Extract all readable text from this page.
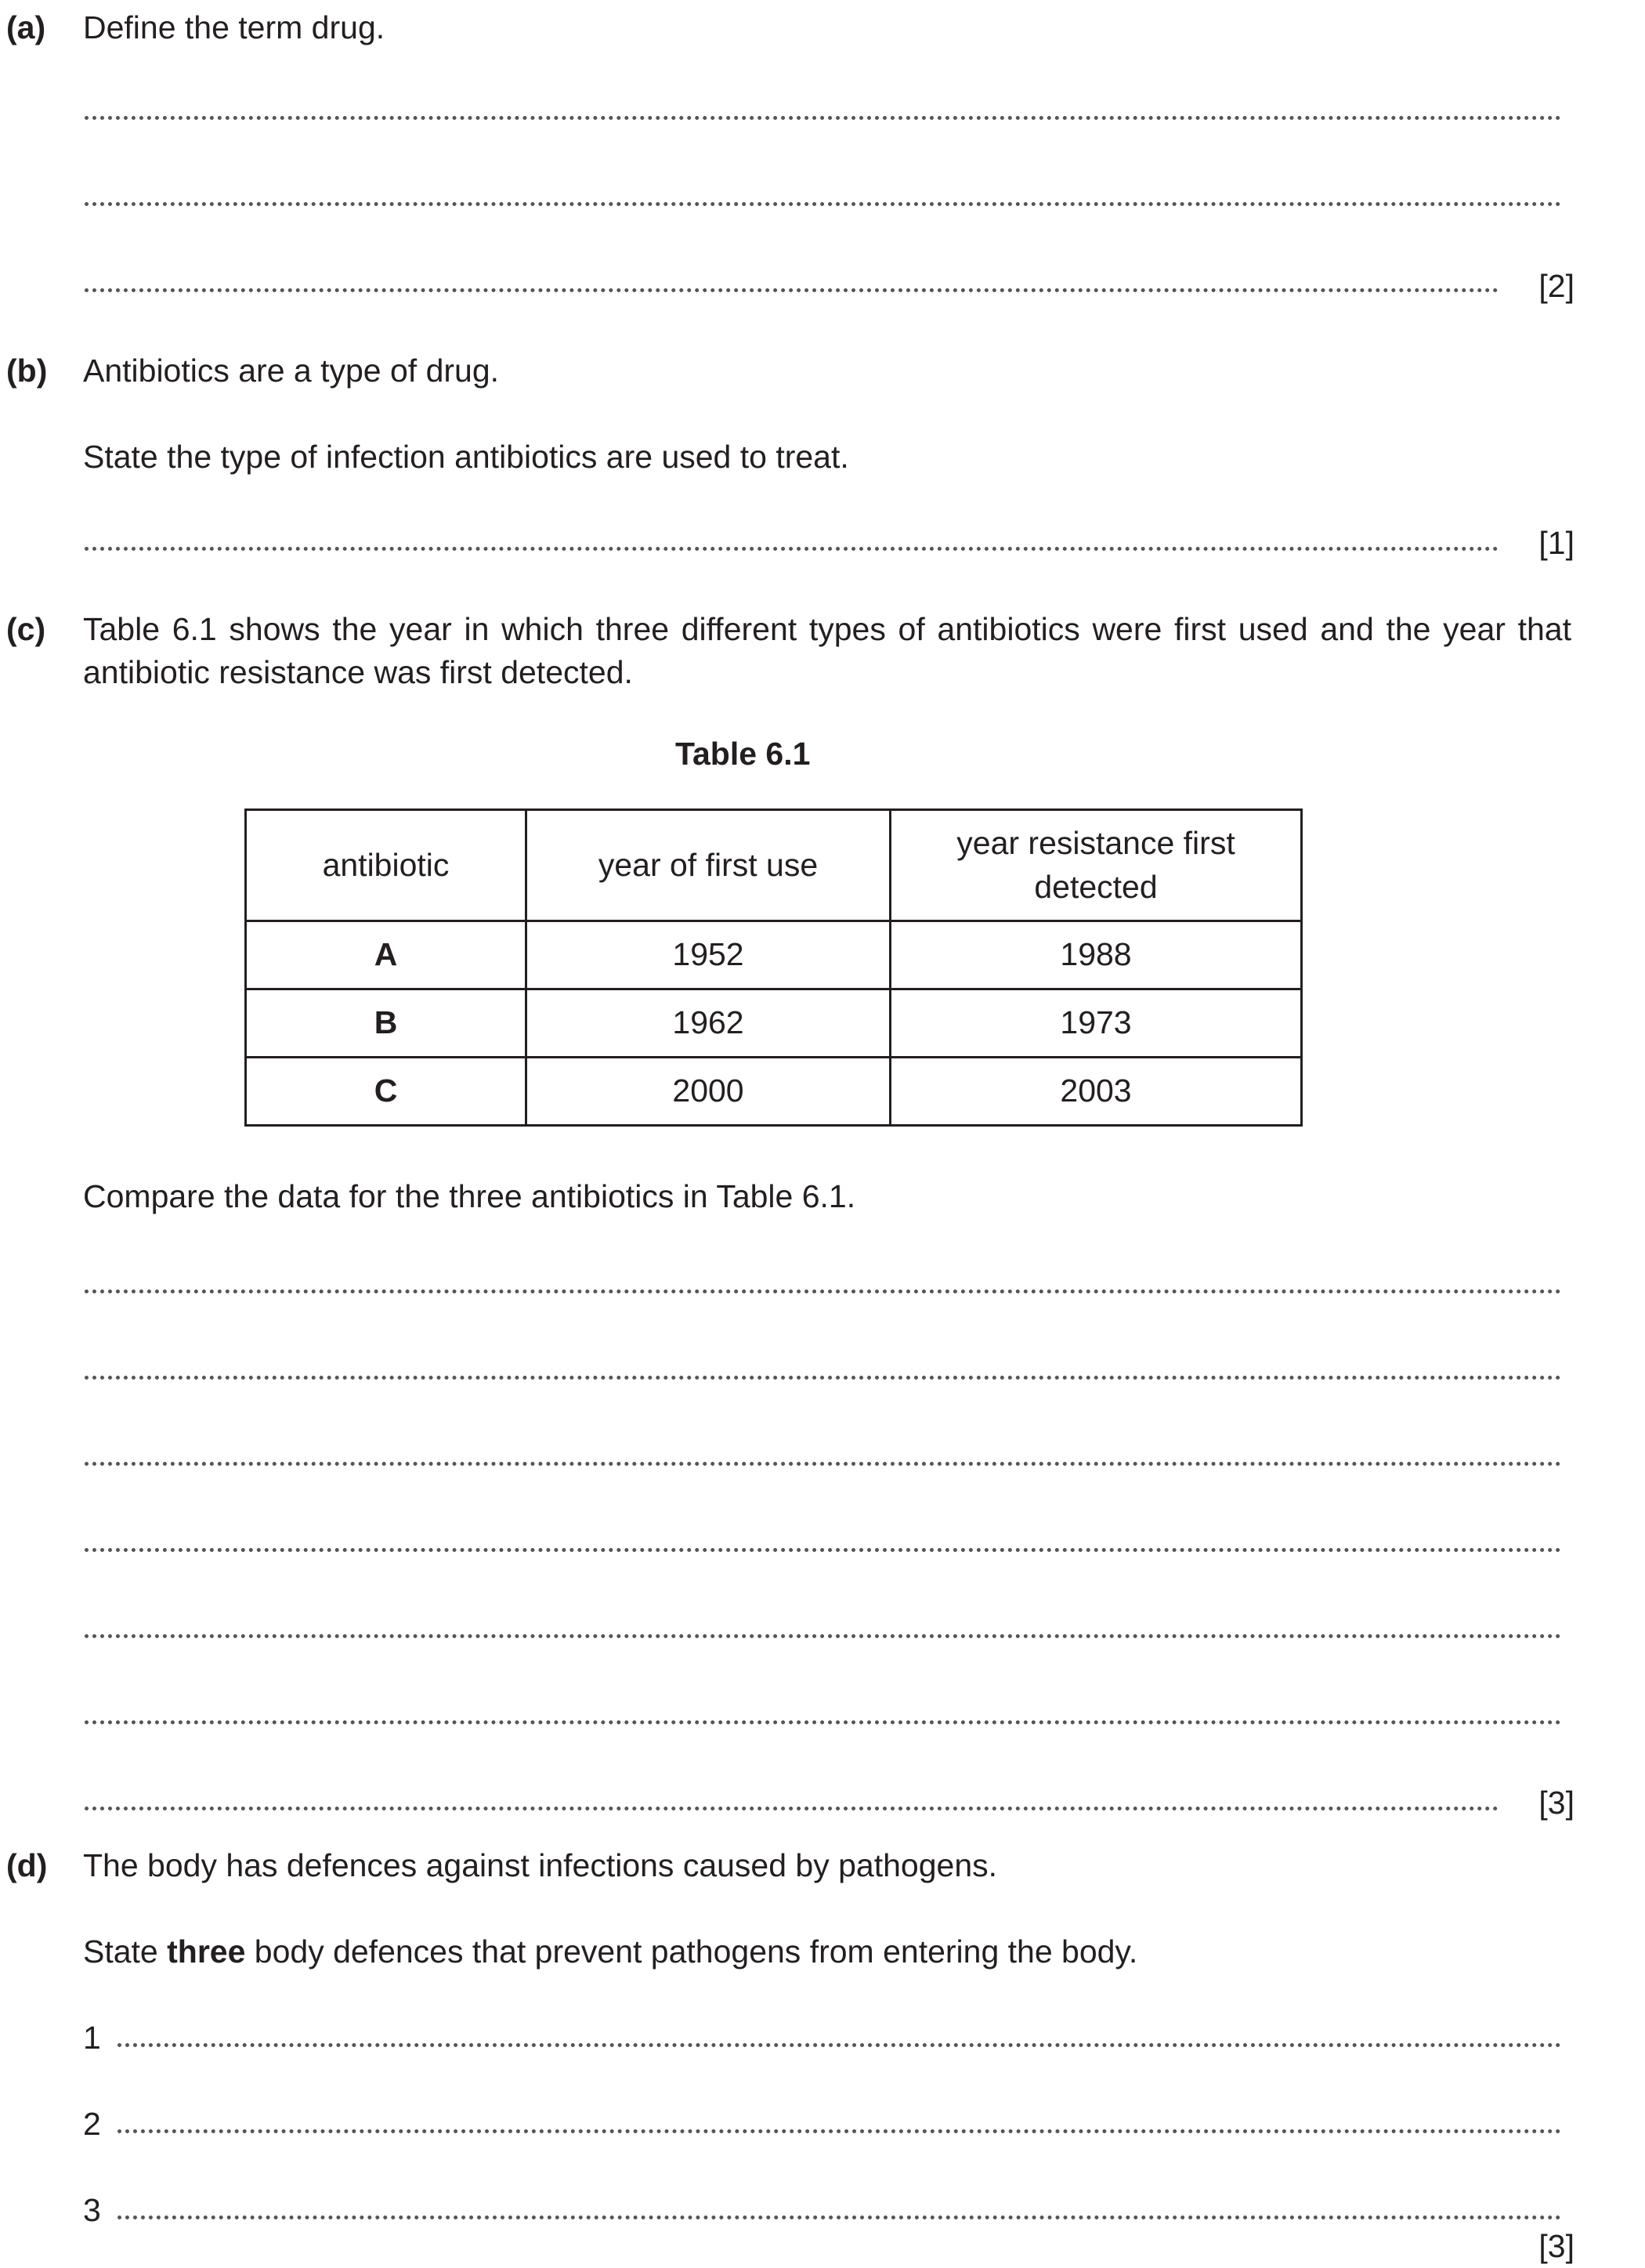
(a) Define the term drug.
[2]
(b) Antibiotics are a type of drug.
State the type of infection antibiotics are used to treat.
[1]
(c) Table 6.1 shows the year in which three different types of antibiotics were first used and the year that antibiotic resistance was first detected.
Table 6.1
antibiotic	year of first use	year resistance first detected
A	1952	1988
B	1962	1973
C	2000	2003
Compare the data for the three antibiotics in Table 6.1.
[3]
(d) The body has defences against infections caused by pathogens.
State three body defences that prevent pathogens from entering the body.
1
2
3
[3]
